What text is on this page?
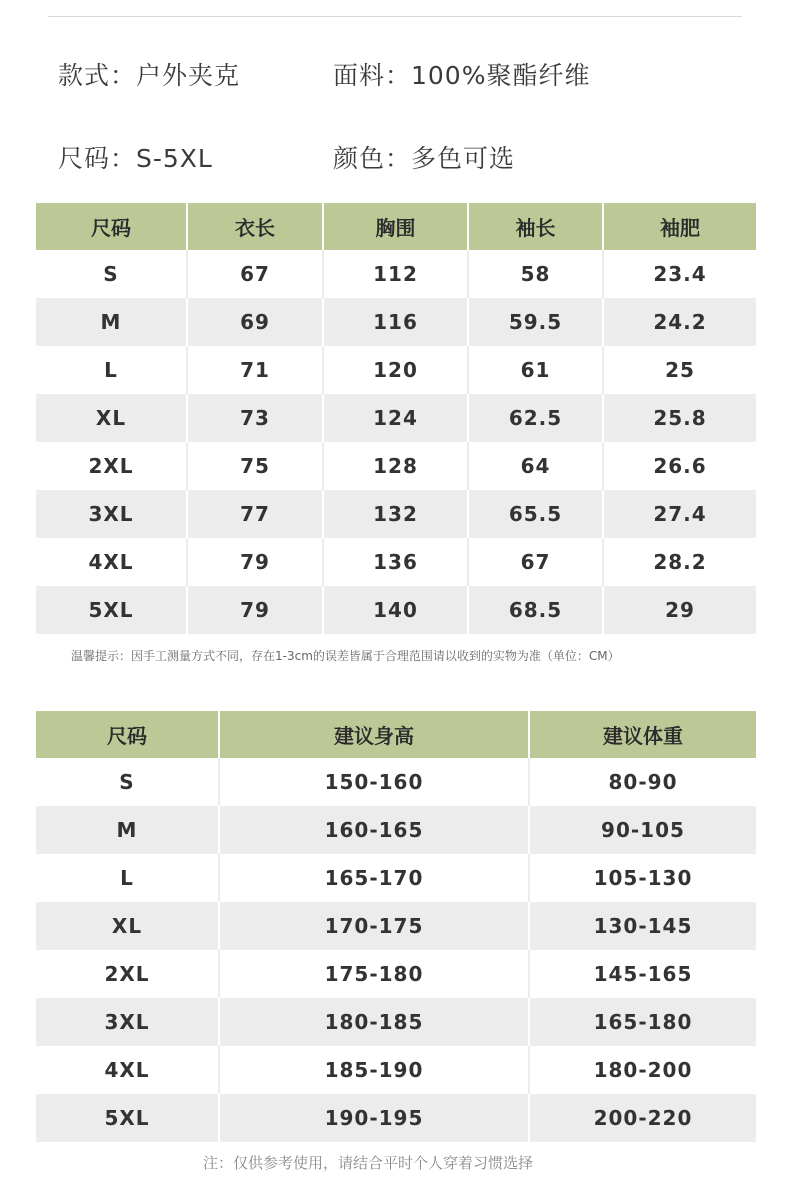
款式：户外夹克	面料：100%聚酯纤维
尺码：S-5XL	颜色：多色可选
尺码	衣长	胸围	袖长	袖肥
S	67	112	58	23.4
M	69	116	59.5	24.2
L	71	120	61	25
XL	73	124	62.5	25.8
2XL	75	128	64	26.6
3XL	77	132	65.5	27.4
4XL	79	136	67	28.2
5XL	79	140	68.5	29
温馨提示：因手工测量方式不同，存在1-3cm的误差皆属于合理范围请以收到的实物为准（单位：CM）
尺码	建议身高	建议体重
S	150-160	80-90
M	160-165	90-105
L	165-170	105-130
XL	170-175	130-145
2XL	175-180	145-165
3XL	180-185	165-180
4XL	185-190	180-200
5XL	190-195	200-220
注：仅供参考使用，请结合平时个人穿着习惯选择
